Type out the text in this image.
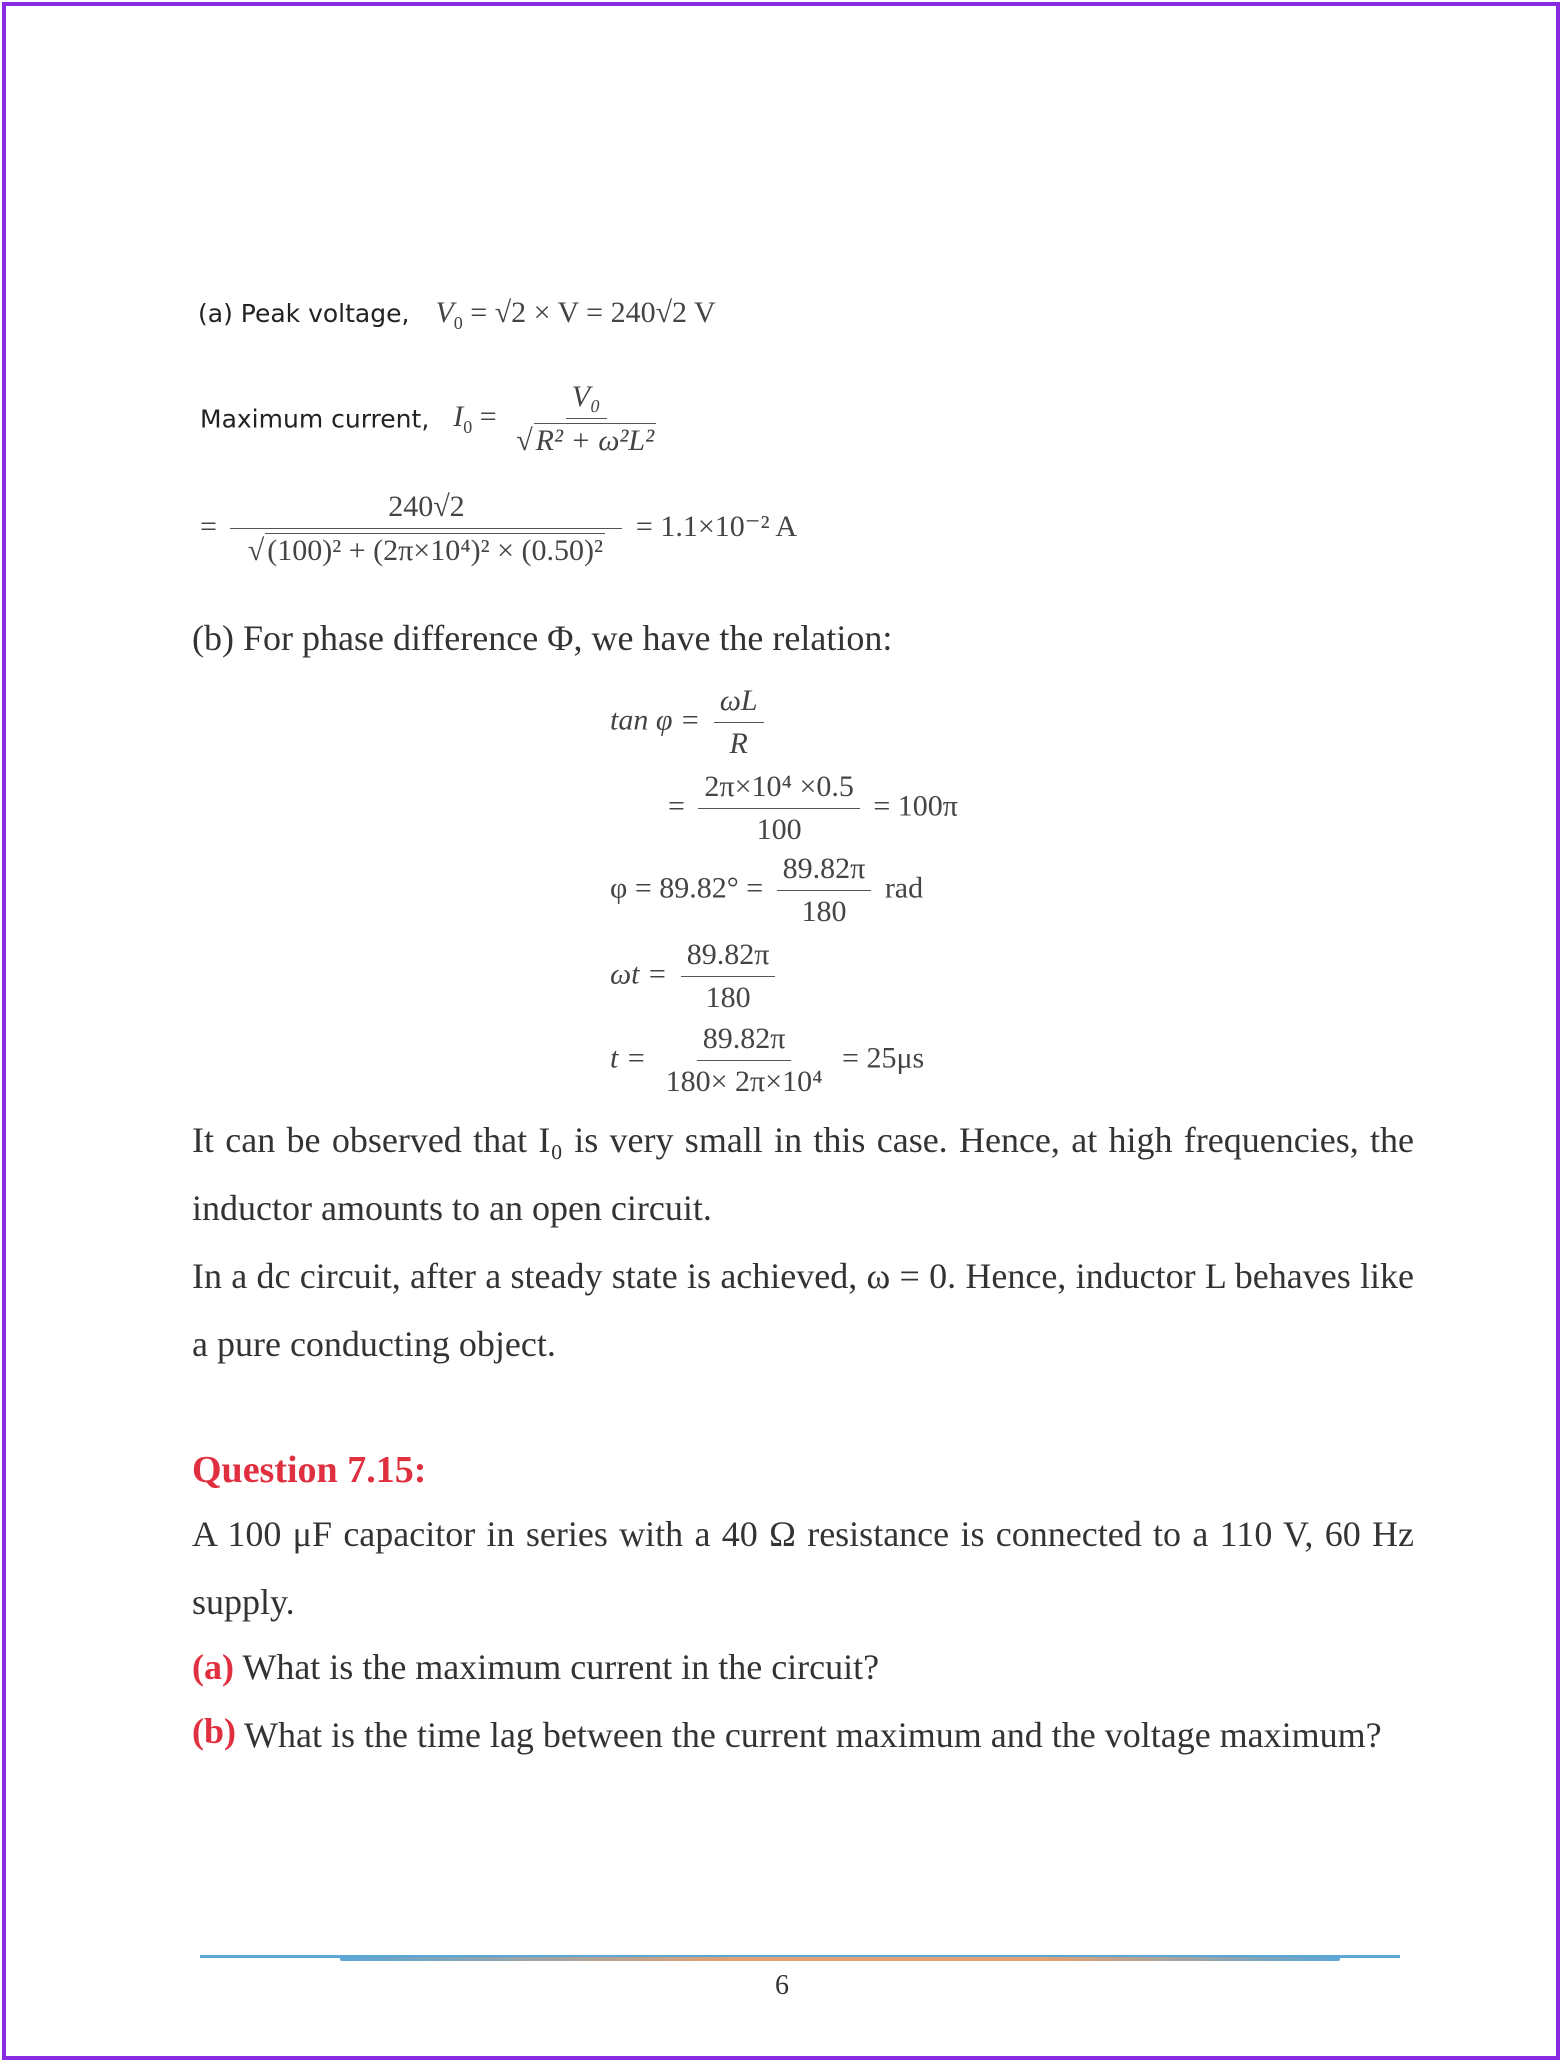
(a) Peak voltage, $V_0 = √2 \times V = 240√2$ V
Maximum current, $I_0 = \frac{\text{V₀}}{\text{√ R² + ω²L²}}$
= $\frac{240√2}{\text{√ (100)² + (2π×10⁴)² × (0.50)²}} = 1.1\times 10^{-2}$ A
(b) For phase difference Φ, we have the relation:
$\tan \varphi = \frac{\omega L}{R}$
= $\frac{\text{2π×10⁴ ×0.5}}{100} = 100\pi$
$\varphi = 89.82^\circ = \frac{89.82\pi}{180}$ rad
$\omega t = \frac{89.82\pi}{180}$
$t = \frac{89.82\pi}{\text{180× 2π×10⁴}} = 25\mu s$
It can be observed that I₀ is very small in this case. Hence, at high frequencies, the inductor amounts to an open circuit.
In a dc circuit, after a steady state is achieved, ω = 0. Hence, inductor L behaves like a pure conducting object.
Question 7.15:
A 100 μF capacitor in series with a 40 Ω resistance is connected to a 110 V, 60 Hz supply.
(a) What is the maximum current in the circuit?
(b) What is the time lag between the current maximum and the voltage maximum?
6
